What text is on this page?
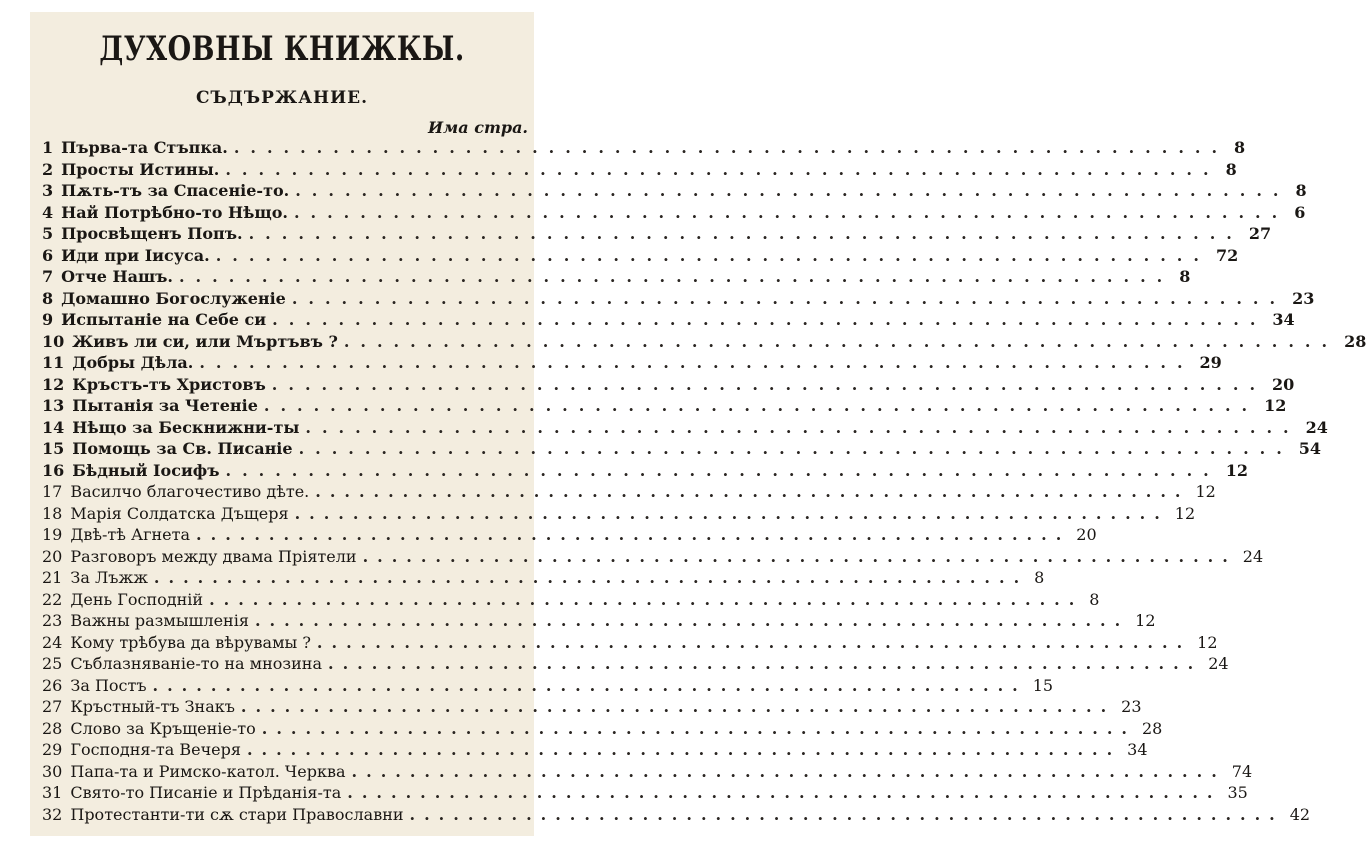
ДУХОВНЫ КНИЖКЫ.
СЪДЪРЖАНИЕ.
Има стра.
1 Първа-та Стъпка. ............................................................ 8
2 Просты Истины. ............................................................ 8
3 Пѫть-тъ за Спасеніе-то. ............................................................ 8
4 Най Потрѣбно-то Нѣщо. ............................................................ 6
5 Просвѣщенъ Попъ. ............................................................ 27
6 Иди при Іисуса. ............................................................ 72
7 Отче Нашъ. ............................................................ 8
8 Домашно Богослуженіе ............................................................ 23
9 Испытаніе на Себе си ............................................................ 34
10 Живъ ли си, или Мъртъвъ ? ............................................................ 28
11 Добры Дѣла. ............................................................ 29
12 Кръстъ-тъ Христовъ ............................................................ 20
13 Пытанія за Четеніе ............................................................ 12
14 Нѣщо за Бескнижни-ты ............................................................ 24
15 Помощь за Св. Писаніе ............................................................ 54
16 Бѣдный Іосифъ ............................................................ 12
17 Василчо благочестиво дѣте. ............................................................ 12
18 Марія Солдатска Дъщеря ............................................................ 12
19 Двѣ-тѣ Агнета ............................................................ 20
20 Разговоръ между двама Пріятели ............................................................ 24
21 За Лъжж ............................................................ 8
22 День Господній ............................................................ 8
23 Важны размышленія ............................................................ 12
24 Кому трѣбува да вѣрувамы ? ............................................................ 12
25 Съблазняваніе-то на мнозина ............................................................ 24
26 За Постъ ............................................................ 15
27 Кръстный-тъ Знакъ ............................................................ 23
28 Слово за Кръщеніе-то ............................................................ 28
29 Господня-та Вечеря ............................................................ 34
30 Папа-та и Римско-катол. Черква ............................................................ 74
31 Свято-то Писаніе и Прѣданія-та ............................................................ 35
32 Протестанти-ти сѫ стари Православни ............................................................ 42
